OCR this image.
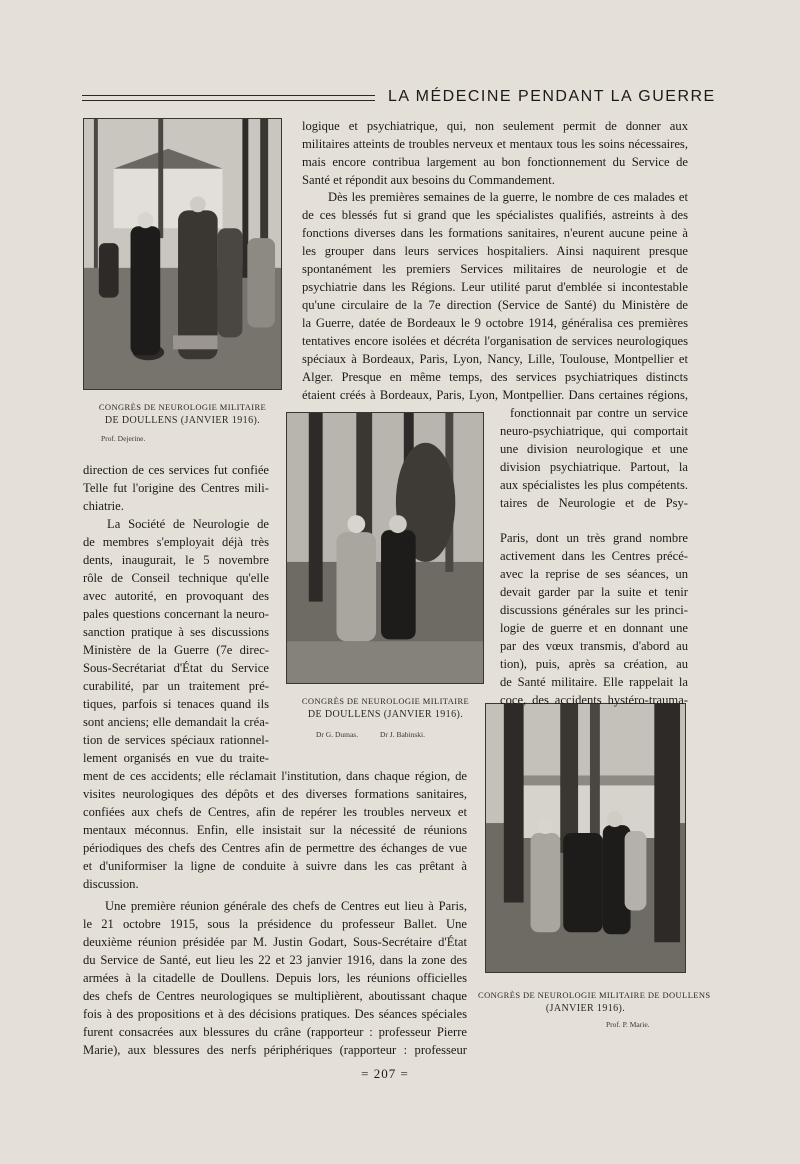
LA MÉDECINE PENDANT LA GUERRE
CONGRÈS DE NEUROLOGIE MILITAIRE
DE DOULLENS (JANVIER 1916).
Prof. Dejerine.
CONGRÈS DE NEUROLOGIE MILITAIRE
DE DOULLENS (JANVIER 1916).
Dr G. Dumas.	Dr J. Babinski.
CONGRÈS DE NEUROLOGIE MILITAIRE DE DOULLENS
(JANVIER 1916).
Prof. P. Marie.
logique et psychiatrique, qui, non seulement permit de donner aux
militaires atteints de troubles nerveux et mentaux tous les soins nécessaires,
mais encore contribua largement au bon fonctionnement du Service de
Santé et répondit aux besoins du Commandement.
Dès les premières semaines de la guerre, le nombre de ces malades et
de ces blessés fut si grand que les spécialistes qualifiés, astreints à des
fonctions diverses dans les formations sanitaires, n'eurent aucune peine à
les grouper dans leurs services hospitaliers. Ainsi naquirent presque
spontanément les premiers Services militaires de neurologie et de
psychiatrie dans les Régions. Leur utilité parut d'emblée si incontestable
qu'une circulaire de la 7e direction (Service de Santé) du Ministère de
la Guerre, datée de Bordeaux le 9 octobre 1914, généralisa ces premières
tentatives encore isolées et décréta l'organisation de services neurologiques
spéciaux à Bordeaux, Paris, Lyon, Nancy, Lille, Toulouse, Montpellier et
Alger. Presque en même temps, des services psychiatriques distincts
étaient créés à Bordeaux, Paris, Lyon, Montpellier. Dans certaines régions,
fonctionnait par contre un service
neuro-psychiatrique, qui comportait
une division neurologique et une
division psychiatrique. Partout, la
aux spécialistes les plus compétents.
taires de Neurologie et de Psy-
Paris, dont un très grand nombre
activement dans les Centres précé-
avec la reprise de ses séances, un
devait garder par la suite et tenir
discussions générales sur les princi-
logie de guerre et en donnant une
par des vœux transmis, d'abord au
tion), puis, après sa création, au
de Santé militaire. Elle rappelait la
coce, des accidents hystéro-trauma-
direction de ces services fut confiée
Telle fut l'origine des Centres mili-
chiatrie.
La Société de Neurologie de
de membres s'employait déjà très
dents, inaugurait, le 5 novembre
rôle de Conseil technique qu'elle
avec autorité, en provoquant des
pales questions concernant la neuro-
sanction pratique à ses discussions
Ministère de la Guerre (7e direc-
Sous-Secrétariat d'État du Service
curabilité, par un traitement pré-
tiques, parfois si tenaces quand ils
sont anciens; elle demandait la créa-
tion de services spéciaux rationnel-
lement organisés en vue du traite-
ment de ces accidents; elle réclamait l'institution, dans chaque région, de
visites neurologiques des dépôts et des diverses formations sanitaires,
confiées aux chefs de Centres, afin de repérer les troubles nerveux et
mentaux méconnus. Enfin, elle insistait sur la nécessité de réunions
périodiques des chefs des Centres afin de permettre des échanges de vue
et d'uniformiser la ligne de conduite à suivre dans les cas prêtant à
discussion.
Une première réunion générale des chefs de Centres eut lieu à Paris,
le 21 octobre 1915, sous la présidence du professeur Ballet. Une
deuxième réunion présidée par M. Justin Godart, Sous-Secrétaire d'État
du Service de Santé, eut lieu les 22 et 23 janvier 1916, dans la zone des
armées à la citadelle de Doullens. Depuis lors, les réunions officielles
des chefs de Centres neurologiques se multiplièrent, aboutissant chaque
fois à des propositions et à des décisions pratiques. Des séances spéciales
furent consacrées aux blessures du crâne (rapporteur : professeur Pierre
Marie), aux blessures des nerfs périphériques (rapporteur : professeur
= 207 =
